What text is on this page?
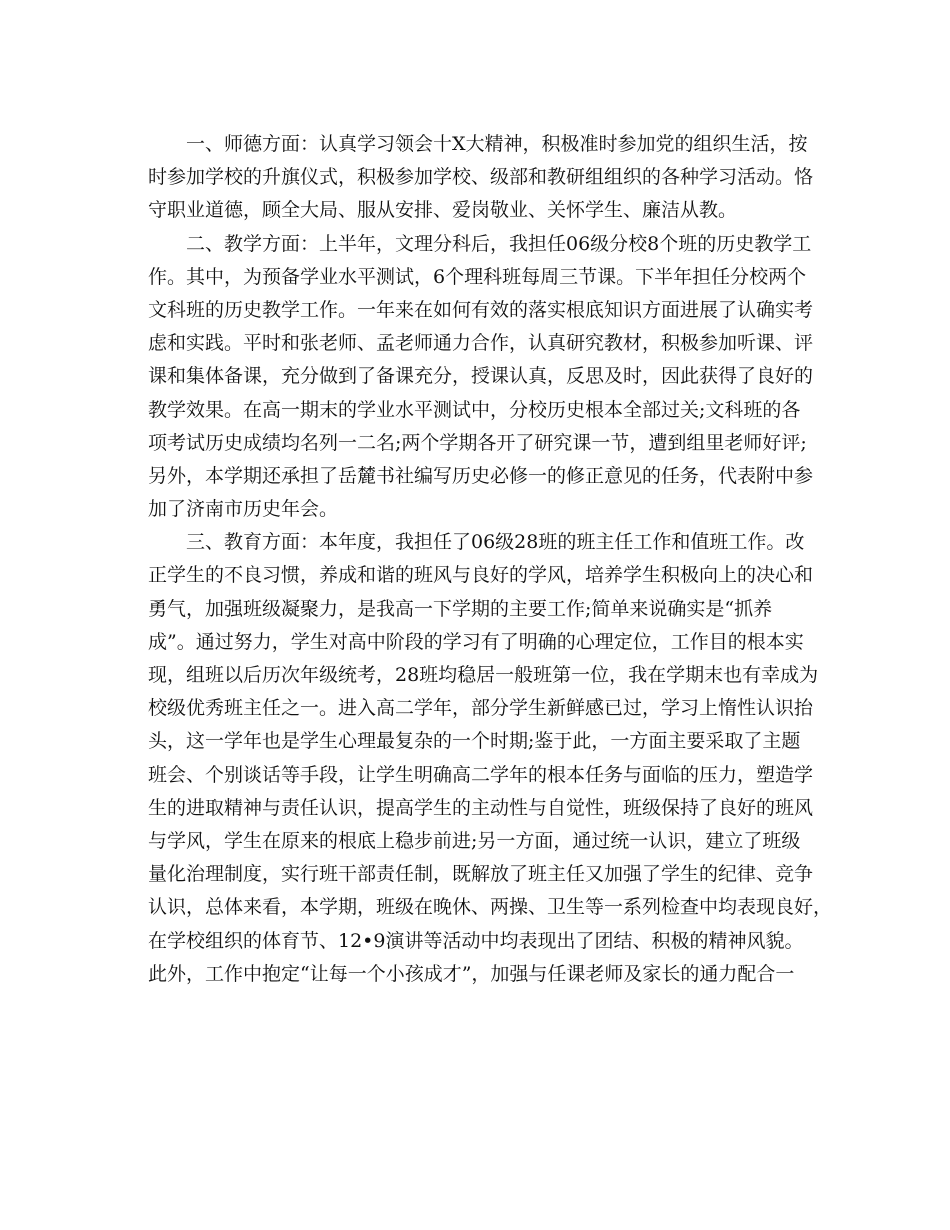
一、师德方面：认真学习领会十X大精神，积极准时参加党的组织生活，按
时参加学校的升旗仪式，积极参加学校、级部和教研组组织的各种学习活动。恪
守职业道德，顾全大局、服从安排、爱岗敬业、关怀学生、廉洁从教。
二、教学方面：上半年，文理分科后，我担任06级分校8个班的历史教学工
作。其中，为预备学业水平测试，6个理科班每周三节课。下半年担任分校两个
文科班的历史教学工作。一年来在如何有效的落实根底知识方面进展了认确实考
虑和实践。平时和张老师、孟老师通力合作，认真研究教材，积极参加听课、评
课和集体备课，充分做到了备课充分，授课认真，反思及时，因此获得了良好的
教学效果。在高一期末的学业水平测试中，分校历史根本全部过关;文科班的各
项考试历史成绩均名列一二名;两个学期各开了研究课一节，遭到组里老师好评;
另外，本学期还承担了岳麓书社编写历史必修一的修正意见的任务，代表附中参
加了济南市历史年会。
三、教育方面：本年度，我担任了06级28班的班主任工作和值班工作。改
正学生的不良习惯，养成和谐的班风与良好的学风，培养学生积极向上的决心和
勇气，加强班级凝聚力，是我高一下学期的主要工作;简单来说确实是“抓养
成”。通过努力，学生对高中阶段的学习有了明确的心理定位，工作目的根本实
现，组班以后历次年级统考，28班均稳居一般班第一位，我在学期末也有幸成为
校级优秀班主任之一。进入高二学年，部分学生新鲜感已过，学习上惰性认识抬
头，这一学年也是学生心理最复杂的一个时期;鉴于此，一方面主要采取了主题
班会、个别谈话等手段，让学生明确高二学年的根本任务与面临的压力，塑造学
生的进取精神与责任认识，提高学生的主动性与自觉性，班级保持了良好的班风
与学风，学生在原来的根底上稳步前进;另一方面，通过统一认识，建立了班级
量化治理制度，实行班干部责任制，既解放了班主任又加强了学生的纪律、竞争
认识，总体来看，本学期，班级在晚休、两操、卫生等一系列检查中均表现良好，
在学校组织的体育节、12•9演讲等活动中均表现出了团结、积极的精神风貌。
此外，工作中抱定“让每一个小孩成才”，加强与任课老师及家长的通力配合一
